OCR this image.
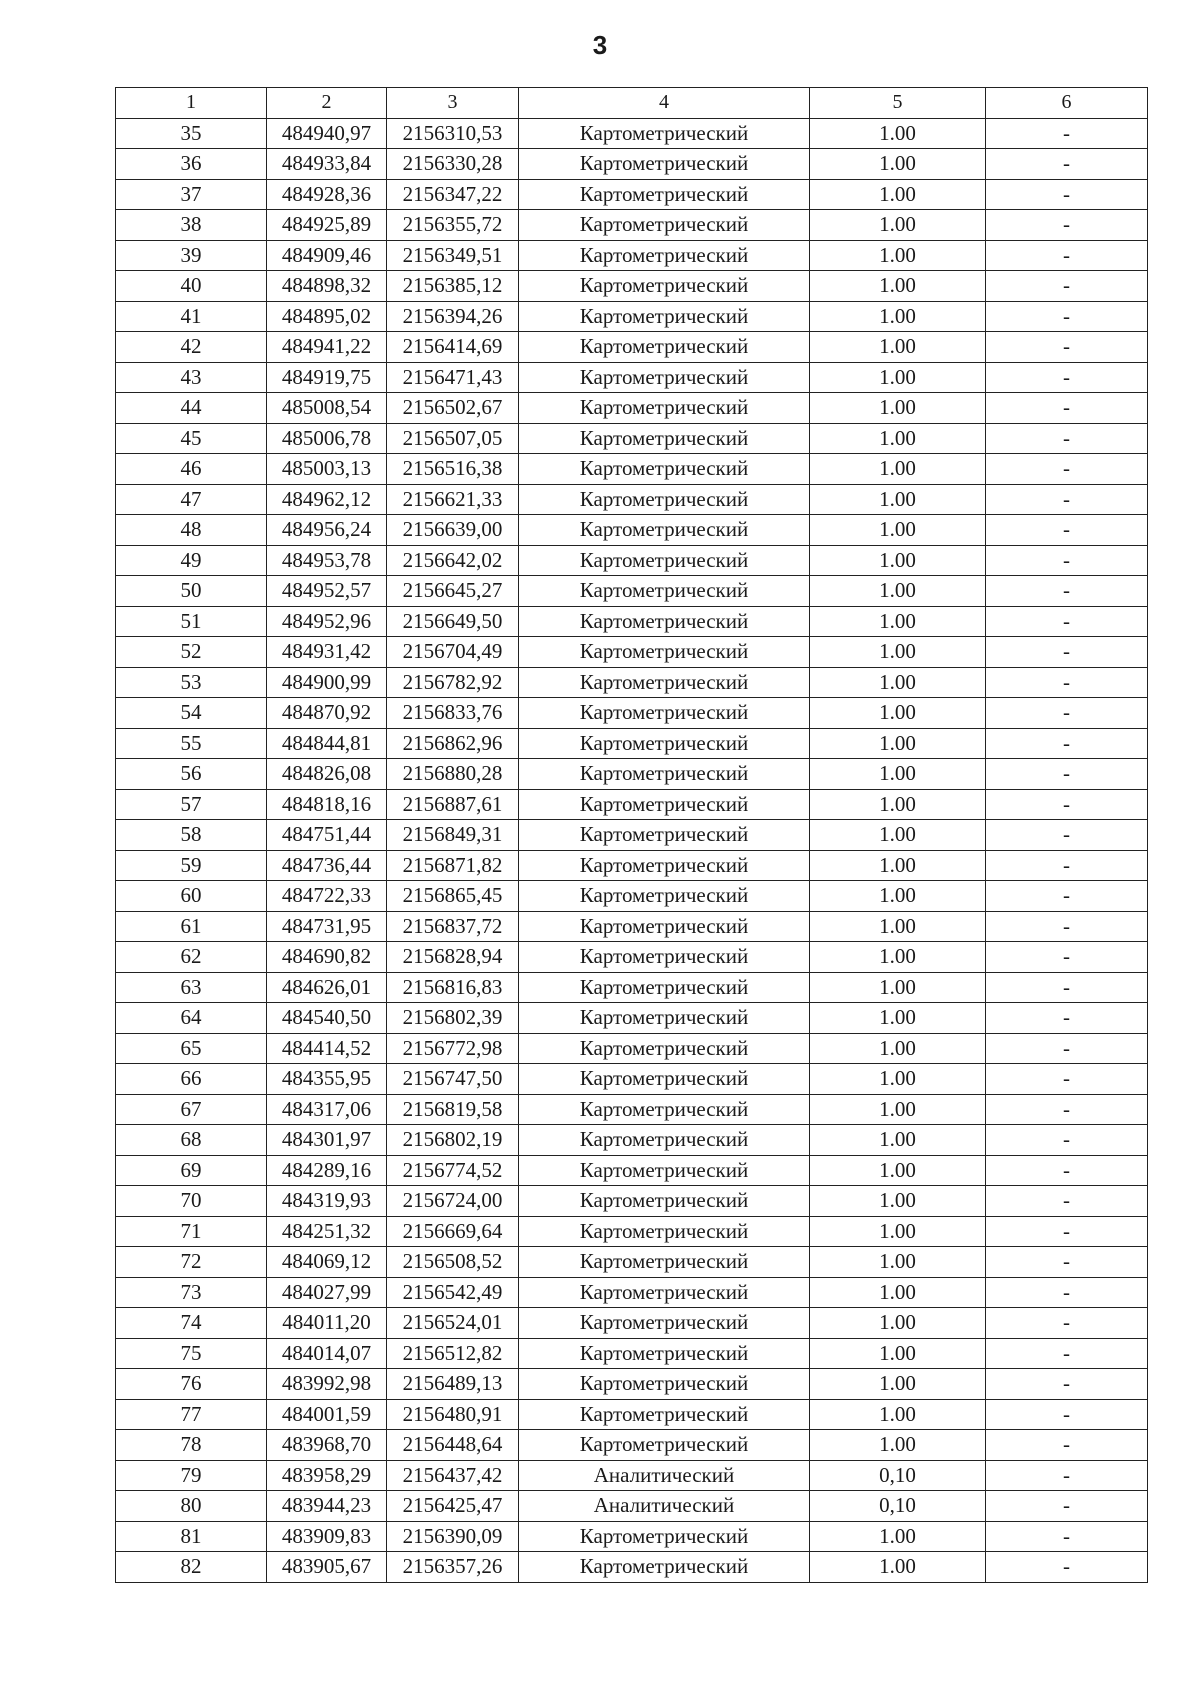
3
1	2	3	4	5	6
35	484940,97	2156310,53	Картометрический	1.00	-
36	484933,84	2156330,28	Картометрический	1.00	-
37	484928,36	2156347,22	Картометрический	1.00	-
38	484925,89	2156355,72	Картометрический	1.00	-
39	484909,46	2156349,51	Картометрический	1.00	-
40	484898,32	2156385,12	Картометрический	1.00	-
41	484895,02	2156394,26	Картометрический	1.00	-
42	484941,22	2156414,69	Картометрический	1.00	-
43	484919,75	2156471,43	Картометрический	1.00	-
44	485008,54	2156502,67	Картометрический	1.00	-
45	485006,78	2156507,05	Картометрический	1.00	-
46	485003,13	2156516,38	Картометрический	1.00	-
47	484962,12	2156621,33	Картометрический	1.00	-
48	484956,24	2156639,00	Картометрический	1.00	-
49	484953,78	2156642,02	Картометрический	1.00	-
50	484952,57	2156645,27	Картометрический	1.00	-
51	484952,96	2156649,50	Картометрический	1.00	-
52	484931,42	2156704,49	Картометрический	1.00	-
53	484900,99	2156782,92	Картометрический	1.00	-
54	484870,92	2156833,76	Картометрический	1.00	-
55	484844,81	2156862,96	Картометрический	1.00	-
56	484826,08	2156880,28	Картометрический	1.00	-
57	484818,16	2156887,61	Картометрический	1.00	-
58	484751,44	2156849,31	Картометрический	1.00	-
59	484736,44	2156871,82	Картометрический	1.00	-
60	484722,33	2156865,45	Картометрический	1.00	-
61	484731,95	2156837,72	Картометрический	1.00	-
62	484690,82	2156828,94	Картометрический	1.00	-
63	484626,01	2156816,83	Картометрический	1.00	-
64	484540,50	2156802,39	Картометрический	1.00	-
65	484414,52	2156772,98	Картометрический	1.00	-
66	484355,95	2156747,50	Картометрический	1.00	-
67	484317,06	2156819,58	Картометрический	1.00	-
68	484301,97	2156802,19	Картометрический	1.00	-
69	484289,16	2156774,52	Картометрический	1.00	-
70	484319,93	2156724,00	Картометрический	1.00	-
71	484251,32	2156669,64	Картометрический	1.00	-
72	484069,12	2156508,52	Картометрический	1.00	-
73	484027,99	2156542,49	Картометрический	1.00	-
74	484011,20	2156524,01	Картометрический	1.00	-
75	484014,07	2156512,82	Картометрический	1.00	-
76	483992,98	2156489,13	Картометрический	1.00	-
77	484001,59	2156480,91	Картометрический	1.00	-
78	483968,70	2156448,64	Картометрический	1.00	-
79	483958,29	2156437,42	Аналитический	0,10	-
80	483944,23	2156425,47	Аналитический	0,10	-
81	483909,83	2156390,09	Картометрический	1.00	-
82	483905,67	2156357,26	Картометрический	1.00	-
